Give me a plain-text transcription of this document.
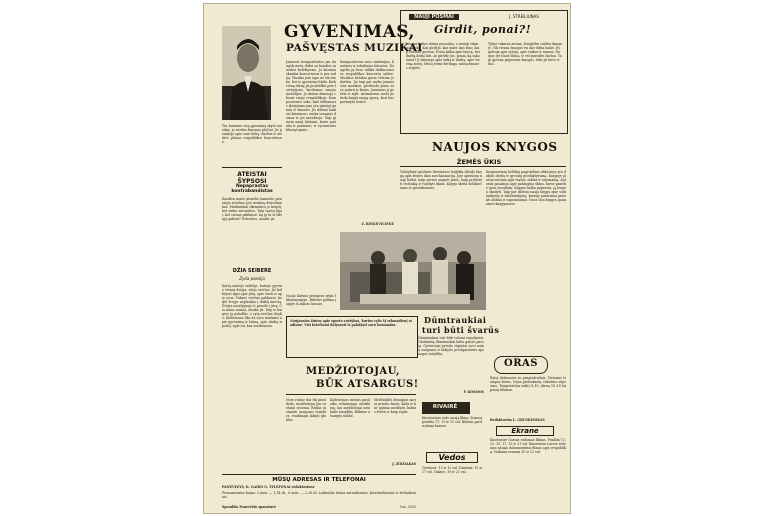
GYVENIMAS,
PAŠVĘSTAS MUZIKAI
Tai, kuriame visą gyvenimą skyrė muzikai, jo vardas žinomas plačiai. Jis pasakoja apie savo kelią, darbus ir ateities planus respublikos koncertuose.
ATEISTAI ŠYPSOSI
Nepaprastas kontrabandistas
Kasdien mažo pienelio kaimelio pasienyje ateidavo pro muitinę dviratininkas. Muitininkai tikrindavo jo krepšį, bet nieko nerasdavo. Taip tęsėsi ilgai, kol vienas paklausė: ką gi tu iš tikrųjų gabeni? Dviračius, atsakė jis.
DŽIA SEIBERE
Zyda poezija
Kartą mažoje salelėje, kurioje gyveno vienas žvejys, atėjo svečias. Jie kalbėjosi ilgai apie jūrą, apie žuvis ir apie orus. Vakare svečias paklausė, kodėl žvejys neplaukia į didelį miestą. Žvejys nusišypsojo ir parodė į jūrą. Čia mano namai, atsakė jis. Taip ir baigėsi jų pokalbis, o rytą svečias išvyko. Kiekvienas liko su savo mintimis apie gyvenimą ir laimę, apie darbą ir poilsį, apie tai, kas svarbiausia.
Jaunasis kompozitorius jau daugelį metų dirba su liaudies muzikos kolektyvais. Jo kūriniai skamba koncertuose ir per radiją. Muzika jam tapo ne tik darbu, bet ir gyvenimo būdu. Kiekvieną dieną jis praleidžia prie fortepijono, kurdamas naujas melodijas. Jo dainas dainuoja chorai visoje respublikoje. Kompozitorius sako, kad didžiausias įkvėpimas jam yra gimtoji gamta ir žmonės. Jis dažnai lankosi kaimuose, renka senąsias dainas ir jas aranžuoja. Taip gimsta nauji kūriniai, kurie patinka ir jaunimui, ir vyresniems klausytojams.
Kompozitorius rašo simfonijas, kantatas ir vokalinius kūrinius. Daugelis jų buvo atlikti didžiuosiuose respublikos koncertų salėse. Muzikos kritikai gerai vertina jo darbus. Jis taip pat moko jaunuosius muzikus, perduoda jiems savo patirtį ir žinias. Jaunimas jį gerbia ir myli. Artimiausiu metu jis žada baigti naują operą, kuri bus pastatyta teatre.
Z. BINKEVIČIENĖ
NAUJI POSMAI	J. STREILIUNAS
Girdit, ponai?!
Naujas kelias išeina pasauliui, o senieji takai pasilieka. Kas girdėjo, kas matė, kas žino, kaip žmonės gyvena. Ponai kalba apie laisvę, bet darbą dirba kiti. Ar girdite jūs, ponai, ką sako tauta? Ji dainuoja apie taiką ir darbą, apie šviesią ateitį. Mūsų žemė derlinga, mūsų žmonės stiprūs.
Tyliai vakaras ateina, žvaigždės sužiba danguje. Tik vienas žmogus vis dar dirba lauke. Jis galvoja apie rytojų, apie vaikus ir namus. Naujas ryt išauš diena, ir vėl prasidės darbai. Taip gyvena paprastas žmogus, toks jis buvo ir bus.
NAUJOS KNYGOS
ŽEMĖS ŪKIS
Valstybinė grožinės literatūros leidykla išleido knygą apie žemės ūkio mechanizaciją. Joje aprašomi nauji būdai, kaip geriau auginti javus, kaip prižiūrėti techniką ir tvarkyti ūkius. Knyga skirta kolūkiečiams ir specialistams.
Kooperatinių kolūkių pagrindinis uždavinys yra didinti derlių ir gyvulių produktyvumą. Knygoje plačiai rašoma apie trąšas, sėklas ir sėjomainą. Autoriai pasakoja apie pažangius ūkius, kurie pasiekė gerų rezultatų. Knygos kalba paprasta, ją lengva skaityti. Taip pat išleista nauja knyga apie sodininkystę ir daržininkystę, kurioje patarimai pateikti aiškiai ir suprantamai. Visos šios knygos gaunamos knygynuose.
Dūmtraukiai
turi būti švarūs
Dūmtraukiai turi būti valomi reguliariai. Užsikimšę dūmtraukiai kelia gaisro pavojų. Gyventojai privalo rūpintis savo namų saugumu ir laikytis priešgaisrinės apsaugos taisyklių.
P. KOSMOS
Naujo kūrinio premjera įvyks filharmonijoje. Bilietus galima įsigyti iš anksto kasose.
Naujausios žinios apie sporto varžybas, kurios vyks šį sekmadienį stadione. Visi kviečiami dalyvauti ir palaikyti savo komandas.
MEDŽIOTOJAU,
BŪK ATSARGUS!
Nors ruduo dar tik prasideda, medžiotojai jau ruošiasi sezonui. Reikia atsiminti saugumo taisykles, tvarkingai laikyti ginklus.
Kiekvienais metais pasitaiko nelaimingų atsitikimų, kai medžiotojai nesilaiko taisyklių. Būkime atsargūs miške.
Medžioklės draugijos nariai privalo žinoti, kada ir kur galima medžioti, kokius žvėris ir kaip elgtis.
J. ŽIDŽIAKAS
RIVAIRĖ
Kinoteatras rodo naują filmą. Seansų pradžia 17, 19 ir 21 val. Bilietai parduodami kasose.
Vedos
Greitasis: 10 ir 12 val. Dieninis: 15 ir 17 val. Vakaro: 19 ir 21 val.
ORAS
Rytoj debesuota su pragiedruliais. Vietomis trumpas lietus. Vėjas pietvakarių, vidutinio stiprumo. Temperatūra naktį 8–10, dieną 16–18 laipsnių šilumos.
Redaktorius L. GRUSKINSKAS
Ekrane
Kinoteatre Garsas rodomas filmas. Pradžia 11, 13, 15, 17, 19 ir 21 val. Kinoteatre Laisvė rodomas naujas dokumentinis filmas apie respubliką. Vaikams seansai 10 ir 12 val.
MŪSŲ ADRESAS IR TELEFONAI
PANEVĖŽYS, K. GAIDO G. TELEFONAI redaktoriaus
Prenumeratos kaina: 3 mėn. — 1,14 rb., 6 mėn. — 2,28 rb. Laikraštis išeina antradieniais, ketvirtadieniais ir šeštadieniais.
Spaudžia Panevėžio spaustuvė	Uzs. 5553
